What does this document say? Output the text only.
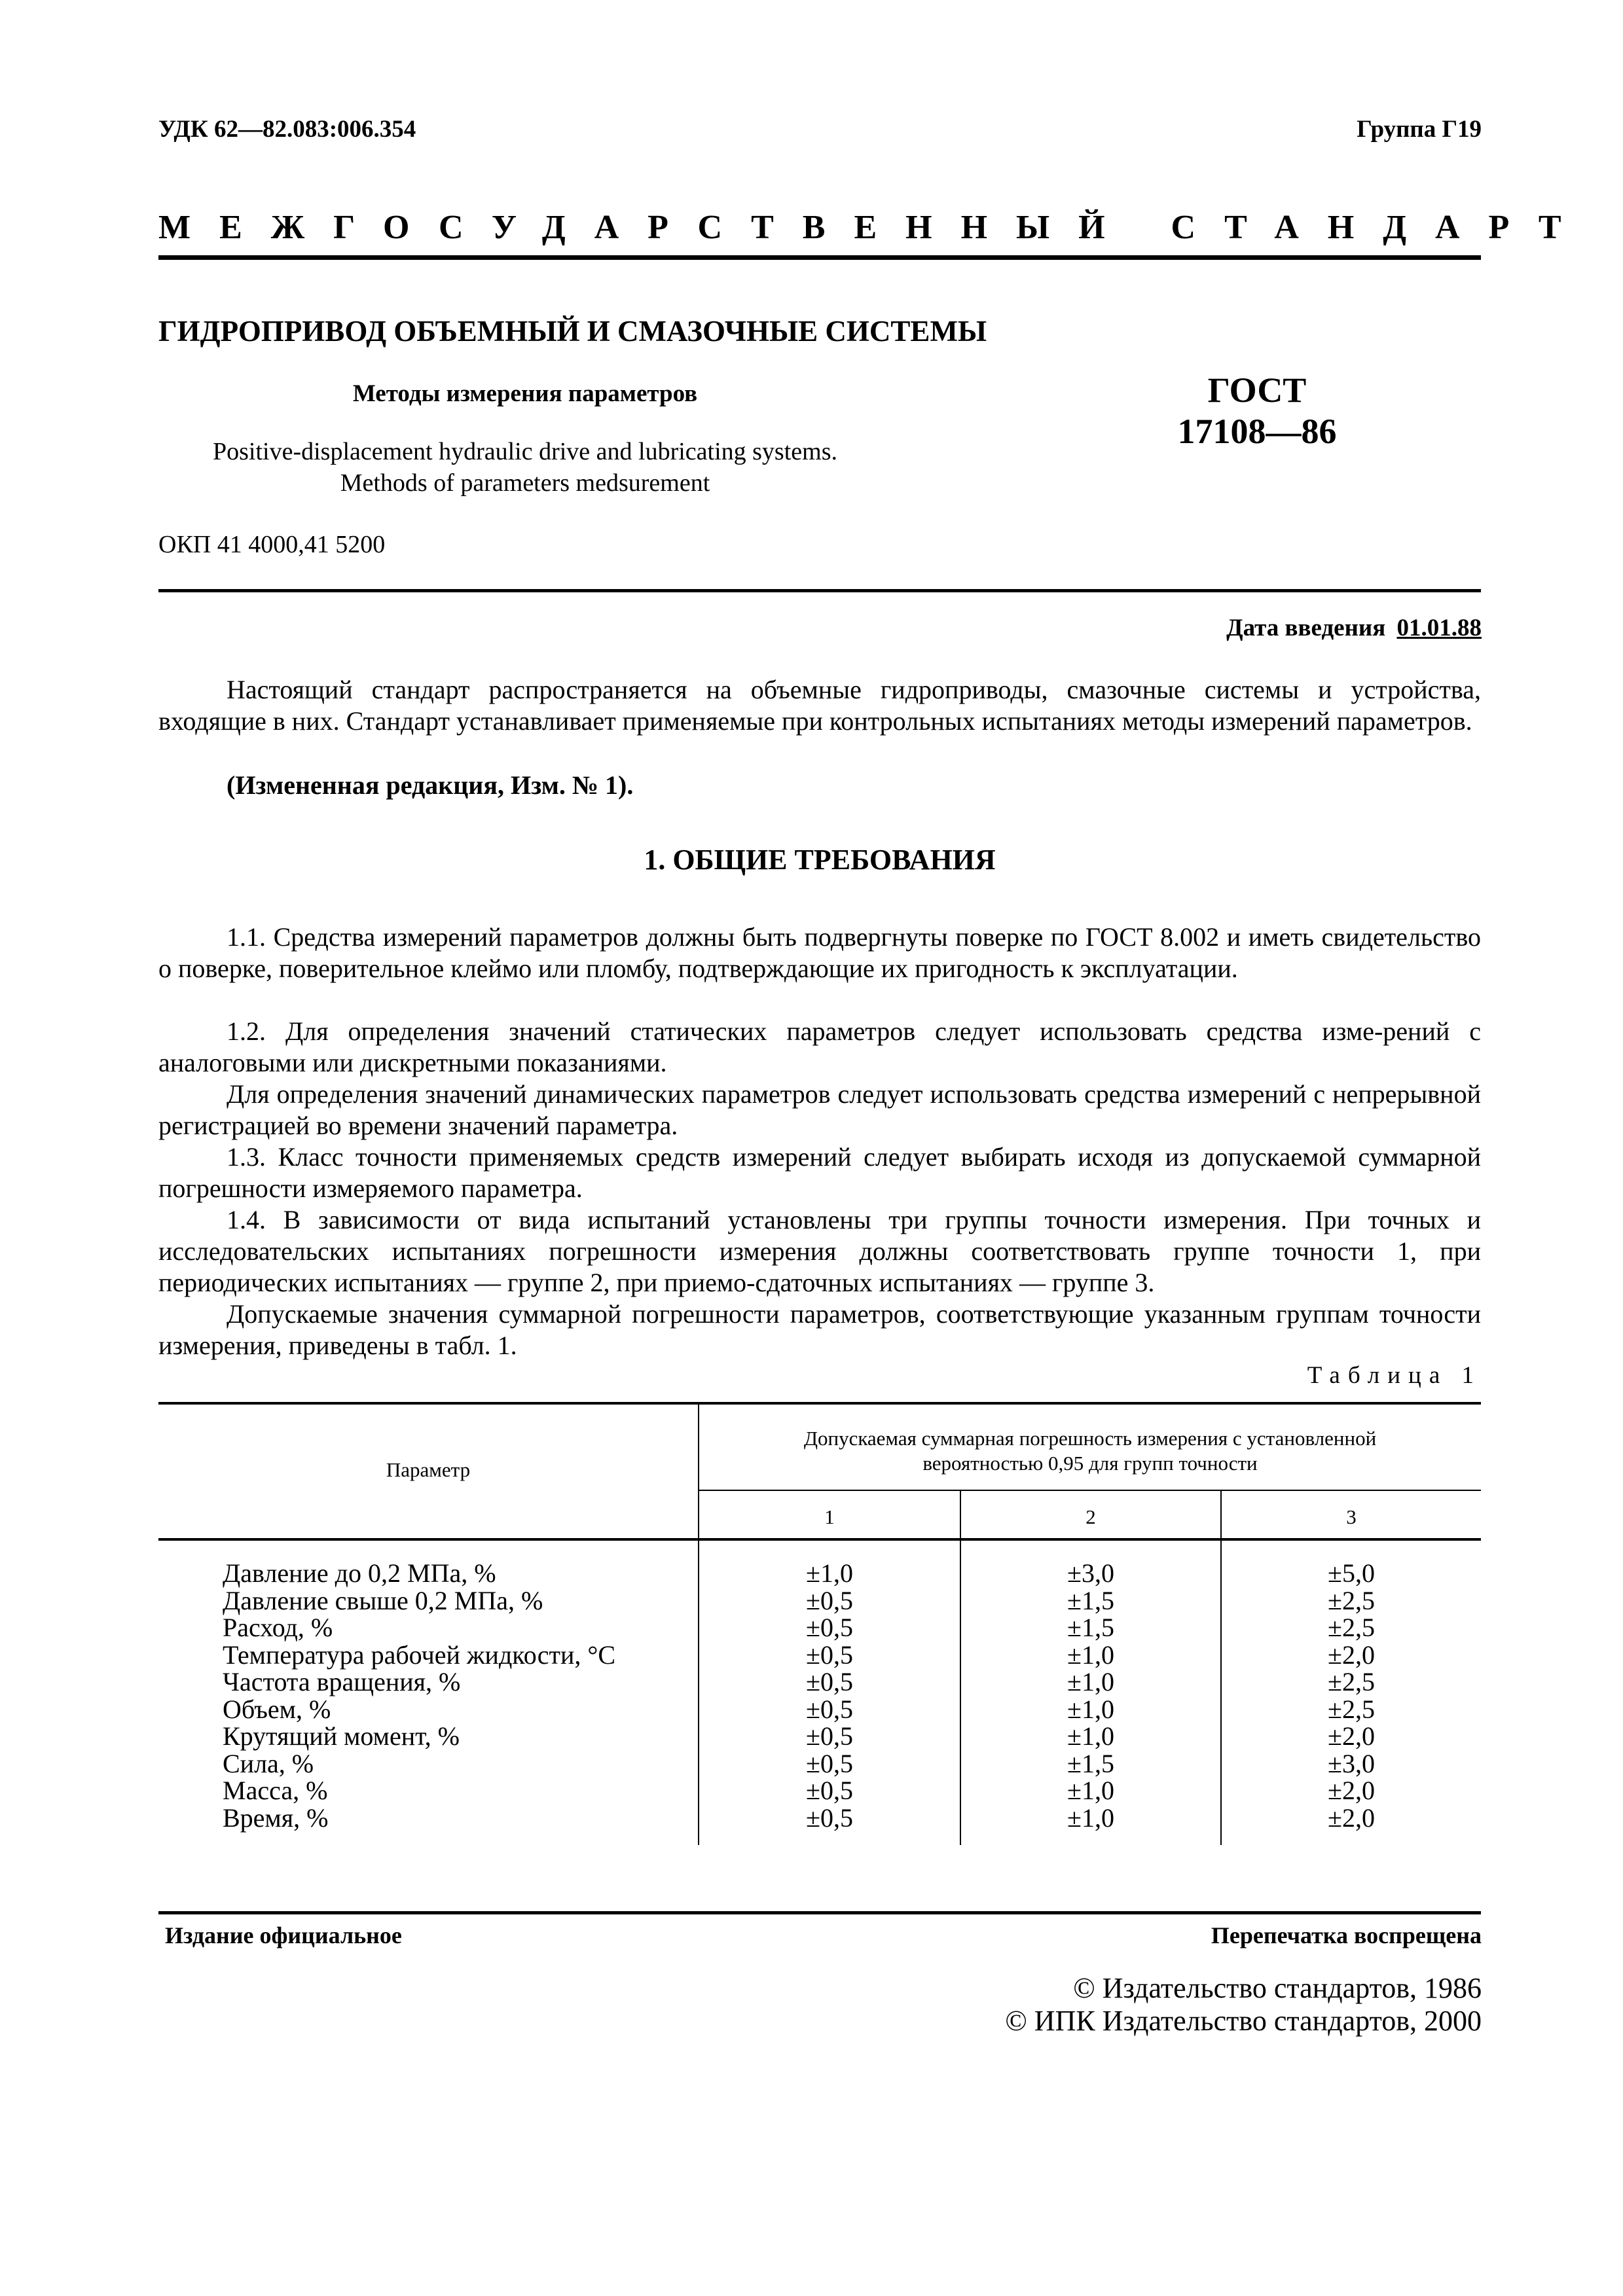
УДК 62—82.083:006.354	Группа Г19
МЕЖГОСУДАРСТВЕННЫЙ СТАНДАРТ
ГИДРОПРИВОД ОБЪЕМНЫЙ И СМАЗОЧНЫЕ СИСТЕМЫ
Методы измерения параметров
Positive-displacement hydraulic drive and lubricating systems.
Methods of parameters medsurement
ГОСТ
17108—86
ОКП 41 4000,41 5200
Дата введения 01.01.88
Настоящий стандарт распространяется на объемные гидроприводы, смазочные системы и устройства, входящие в них. Стандарт устанавливает применяемые при контрольных испытаниях методы измерений параметров.
(Измененная редакция, Изм. № 1).
1. ОБЩИЕ ТРЕБОВАНИЯ
1.1. Средства измерений параметров должны быть подвергнуты поверке по ГОСТ 8.002 и иметь свидетельство о поверке, поверительное клеймо или пломбу, подтверждающие их пригодность к эксплуатации.
1.2. Для определения значений статических параметров следует использовать средства изме-рений с аналоговыми или дискретными показаниями.
Для определения значений динамических параметров следует использовать средства измерений с непрерывной регистрацией во времени значений параметра.
1.3. Класс точности применяемых средств измерений следует выбирать исходя из допускаемой суммарной погрешности измеряемого параметра.
1.4. В зависимости от вида испытаний установлены три группы точности измерения. При точных и исследовательских испытаниях погрешности измерения должны соответствовать группе точности 1, при периодических испытаниях — группе 2, при приемо-сдаточных испытаниях — группе 3.
Допускаемые значения суммарной погрешности параметров, соответствующие указанным группам точности измерения, приведены в табл. 1.
Таблица 1
Параметр
Допускаемая суммарная погрешность измерения с установленной
вероятностью 0,95 для групп точности
1	2	3
Давление до 0,2 МПа, %	±1,0	±3,0	±5,0
Давление свыше 0,2 МПа, %	±0,5	±1,5	±2,5
Расход, %	±0,5	±1,5	±2,5
Температура рабочей жидкости, °С	±0,5	±1,0	±2,0
Частота вращения, %	±0,5	±1,0	±2,5
Объем, %	±0,5	±1,0	±2,5
Крутящий момент, %	±0,5	±1,0	±2,0
Сила, %	±0,5	±1,5	±3,0
Масса, %	±0,5	±1,0	±2,0
Время, %	±0,5	±1,0	±2,0
Издание официальное	Перепечатка воспрещена
© Издательство стандартов, 1986
© ИПК Издательство стандартов, 2000
